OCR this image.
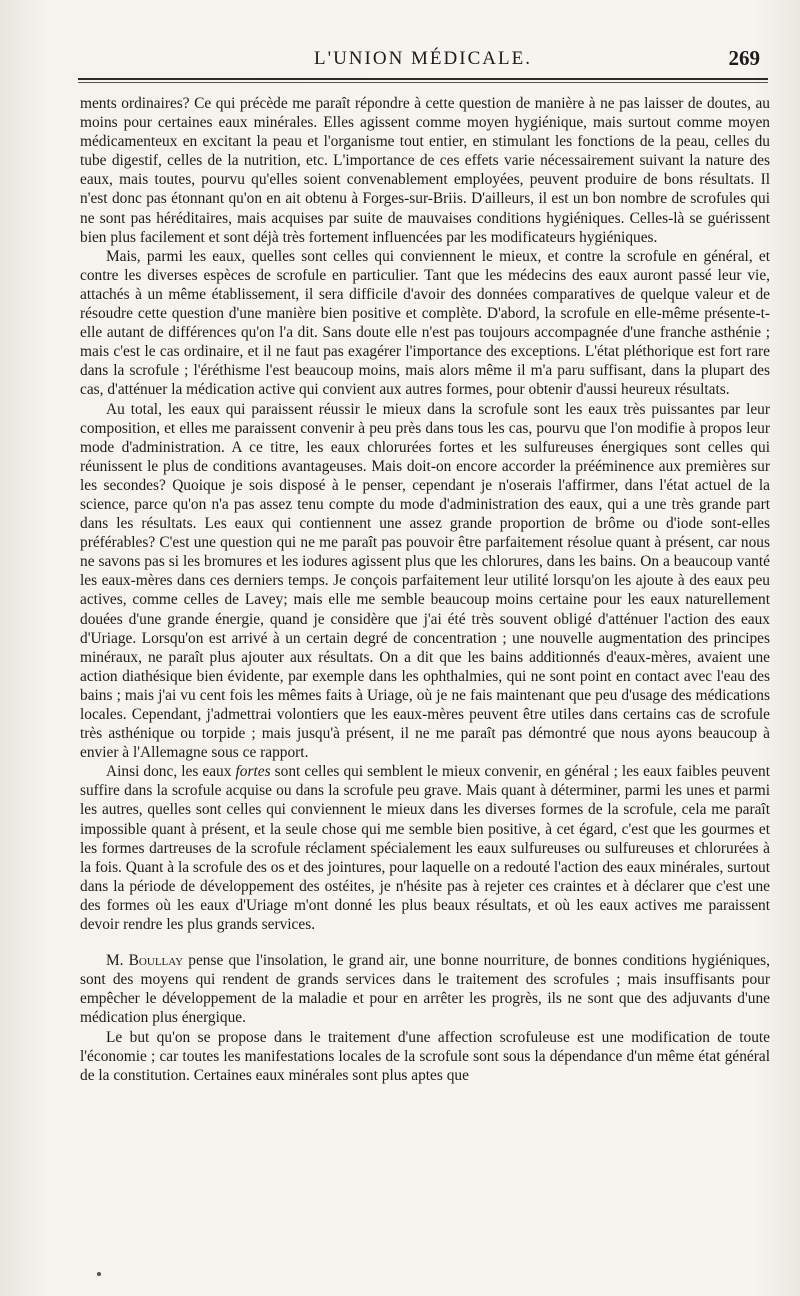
L'UNION MÉDICALE.	269

ments ordinaires? Ce qui précède me paraît répondre à cette question de manière à ne pas laisser de doutes, au moins pour certaines eaux minérales. Elles agissent comme moyen hygiénique, mais surtout comme moyen médicamenteux en excitant la peau et l'organisme tout entier, en stimulant les fonctions de la peau, celles du tube digestif, celles de la nutrition, etc. L'importance de ces effets varie nécessairement suivant la nature des eaux, mais toutes, pourvu qu'elles soient convenablement employées, peuvent produire de bons résultats. Il n'est donc pas étonnant qu'on en ait obtenu à Forges-sur-Briis. D'ailleurs, il est un bon nombre de scrofules qui ne sont pas héréditaires, mais acquises par suite de mauvaises conditions hygiéniques. Celles-là se guérissent bien plus facilement et sont déjà très fortement influencées par les modificateurs hygiéniques.

Mais, parmi les eaux, quelles sont celles qui conviennent le mieux, et contre la scrofule en général, et contre les diverses espèces de scrofule en particulier. Tant que les médecins des eaux auront passé leur vie, attachés à un même établissement, il sera difficile d'avoir des données comparatives de quelque valeur et de résoudre cette question d'une manière bien positive et complète. D'abord, la scrofule en elle-même présente-t-elle autant de différences qu'on l'a dit. Sans doute elle n'est pas toujours accompagnée d'une franche asthénie ; mais c'est le cas ordinaire, et il ne faut pas exagérer l'importance des exceptions. L'état pléthorique est fort rare dans la scrofule ; l'éréthisme l'est beaucoup moins, mais alors même il m'a paru suffisant, dans la plupart des cas, d'atténuer la médication active qui convient aux autres formes, pour obtenir d'aussi heureux résultats.

Au total, les eaux qui paraissent réussir le mieux dans la scrofule sont les eaux très puissantes par leur composition, et elles me paraissent convenir à peu près dans tous les cas, pourvu que l'on modifie à propos leur mode d'administration. A ce titre, les eaux chlorurées fortes et les sulfureuses énergiques sont celles qui réunissent le plus de conditions avantageuses. Mais doit-on encore accorder la prééminence aux premières sur les secondes? Quoique je sois disposé à le penser, cependant je n'oserais l'affirmer, dans l'état actuel de la science, parce qu'on n'a pas assez tenu compte du mode d'administration des eaux, qui a une très grande part dans les résultats. Les eaux qui contiennent une assez grande proportion de brôme ou d'iode sont-elles préférables? C'est une question qui ne me paraît pas pouvoir être parfaitement résolue quant à présent, car nous ne savons pas si les bromures et les iodures agissent plus que les chlorures, dans les bains. On a beaucoup vanté les eaux-mères dans ces derniers temps. Je conçois parfaitement leur utilité lorsqu'on les ajoute à des eaux peu actives, comme celles de Lavey; mais elle me semble beaucoup moins certaine pour les eaux naturellement douées d'une grande énergie, quand je considère que j'ai été très souvent obligé d'atténuer l'action des eaux d'Uriage. Lorsqu'on est arrivé à un certain degré de concentration ; une nouvelle augmentation des principes minéraux, ne paraît plus ajouter aux résultats. On a dit que les bains additionnés d'eaux-mères, avaient une action diathésique bien évidente, par exemple dans les ophthalmies, qui ne sont point en contact avec l'eau des bains ; mais j'ai vu cent fois les mêmes faits à Uriage, où je ne fais maintenant que peu d'usage des médications locales. Cependant, j'admettrai volontiers que les eaux-mères peuvent être utiles dans certains cas de scrofule très asthénique ou torpide ; mais jusqu'à présent, il ne me paraît pas démontré que nous ayons beaucoup à envier à l'Allemagne sous ce rapport.

Ainsi donc, les eaux fortes sont celles qui semblent le mieux convenir, en général ; les eaux faibles peuvent suffire dans la scrofule acquise ou dans la scrofule peu grave. Mais quant à déterminer, parmi les unes et parmi les autres, quelles sont celles qui conviennent le mieux dans les diverses formes de la scrofule, cela me paraît impossible quant à présent, et la seule chose qui me semble bien positive, à cet égard, c'est que les gourmes et les formes dartreuses de la scrofule réclament spécialement les eaux sulfureuses ou sulfureuses et chlorurées à la fois. Quant à la scrofule des os et des jointures, pour laquelle on a redouté l'action des eaux minérales, surtout dans la période de développement des ostéites, je n'hésite pas à rejeter ces craintes et à déclarer que c'est une des formes où les eaux d'Uriage m'ont donné les plus beaux résultats, et où les eaux actives me paraissent devoir rendre les plus grands services.

M. Boullay pense que l'insolation, le grand air, une bonne nourriture, de bonnes conditions hygiéniques, sont des moyens qui rendent de grands services dans le traitement des scrofules ; mais insuffisants pour empêcher le développement de la maladie et pour en arrêter les progrès, ils ne sont que des adjuvants d'une médication plus énergique.

Le but qu'on se propose dans le traitement d'une affection scrofuleuse est une modification de toute l'économie ; car toutes les manifestations locales de la scrofule sont sous la dépendance d'un même état général de la constitution. Certaines eaux minérales sont plus aptes que
